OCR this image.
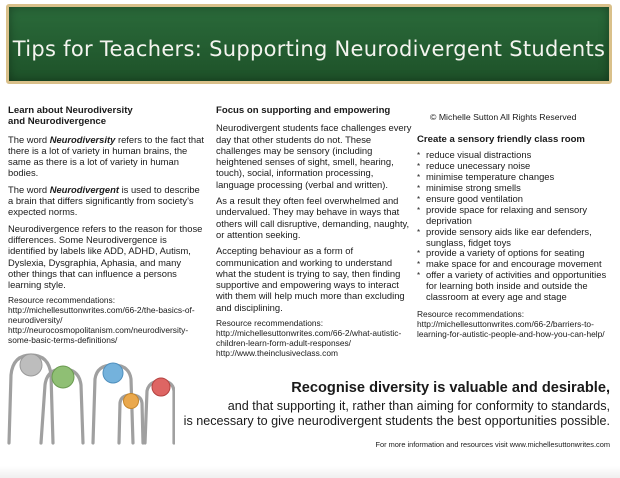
Tips for Teachers: Supporting Neurodivergent Students
Learn about Neurodiversity
and Neurodivergence

The word Neurodiversity refers to the fact that there is a lot of variety in human brains, the same as there is a lot of variety in human bodies.

The word Neurodivergent is used to describe a brain that differs significantly from society's expected norms.

Neurodivergence refers to the reason for those differences. Some Neurodivergence is identified by labels like ADD, ADHD, Autism, Dyslexia, Dysgraphia, Aphasia, and many other things that can influence a persons learning style.

Resource recommendations:
http://michellesuttonwrites.com/66-2/the-basics-of-neurodiversity/
http://neurocosmopolitanism.com/neurodiversity-some-basic-terms-definitions/
Focus on supporting and empowering

Neurodivergent students face challenges every day that other students do not. These challenges may be sensory (including heightened senses of sight, smell, hearing, touch), social, information processing, language processing (verbal and written).

As a result they often feel overwhelmed and undervalued. They may behave in ways that others will call disruptive, demanding, naughty, or attention seeking.

Accepting behaviour as a form of communication and working to understand what the student is trying to say, then finding supportive and empowering ways to interact with them will help much more than excluding and disciplining.

Resource recommendations:
http://michellesuttonwrites.com/66-2/what-autistic-children-learn-form-adult-responses/
http://www.theinclusiveclass.com
© Michelle Sutton All Rights Reserved
Create a sensory friendly class room
* reduce visual distractions
* reduce unecessary noise
* minimise temperature changes
* minimise strong smells
* ensure good ventilation
* provide space for relaxing and sensory deprivation
* provide sensory aids like ear defenders, sunglass, fidget toys
* provide a variety of options for seating
* make space for and encourage movement
* offer a variety of activities and opportunities for learning both inside and outside the classroom at every age and stage
Resource recommendations:
http://michellesuttonwrites.com/66-2/barriers-to-learning-for-autistic-people-and-how-you-can-help/
Recognise diversity is valuable and desirable,
and that supporting it, rather than aiming for conformity to standards,
is necessary to give neurodivergent students the best opportunities possible.
For more information and resources visit www.michellesuttonwrites.com
